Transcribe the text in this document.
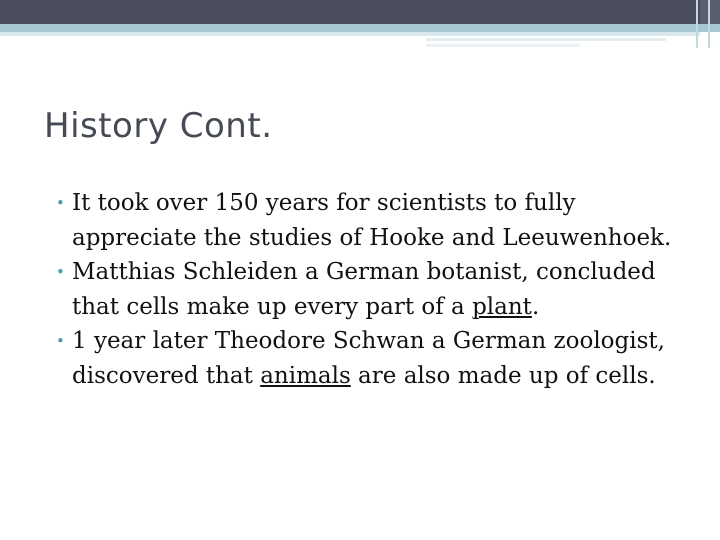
History Cont.
• It took over 150 years for scientists to fully appreciate the studies of Hooke and Leeuwenhoek.
• Matthias Schleiden a German botanist, concluded that cells make up every part of a plant.
• 1 year later Theodore Schwan a German zoologist, discovered that animals are also made up of cells.
